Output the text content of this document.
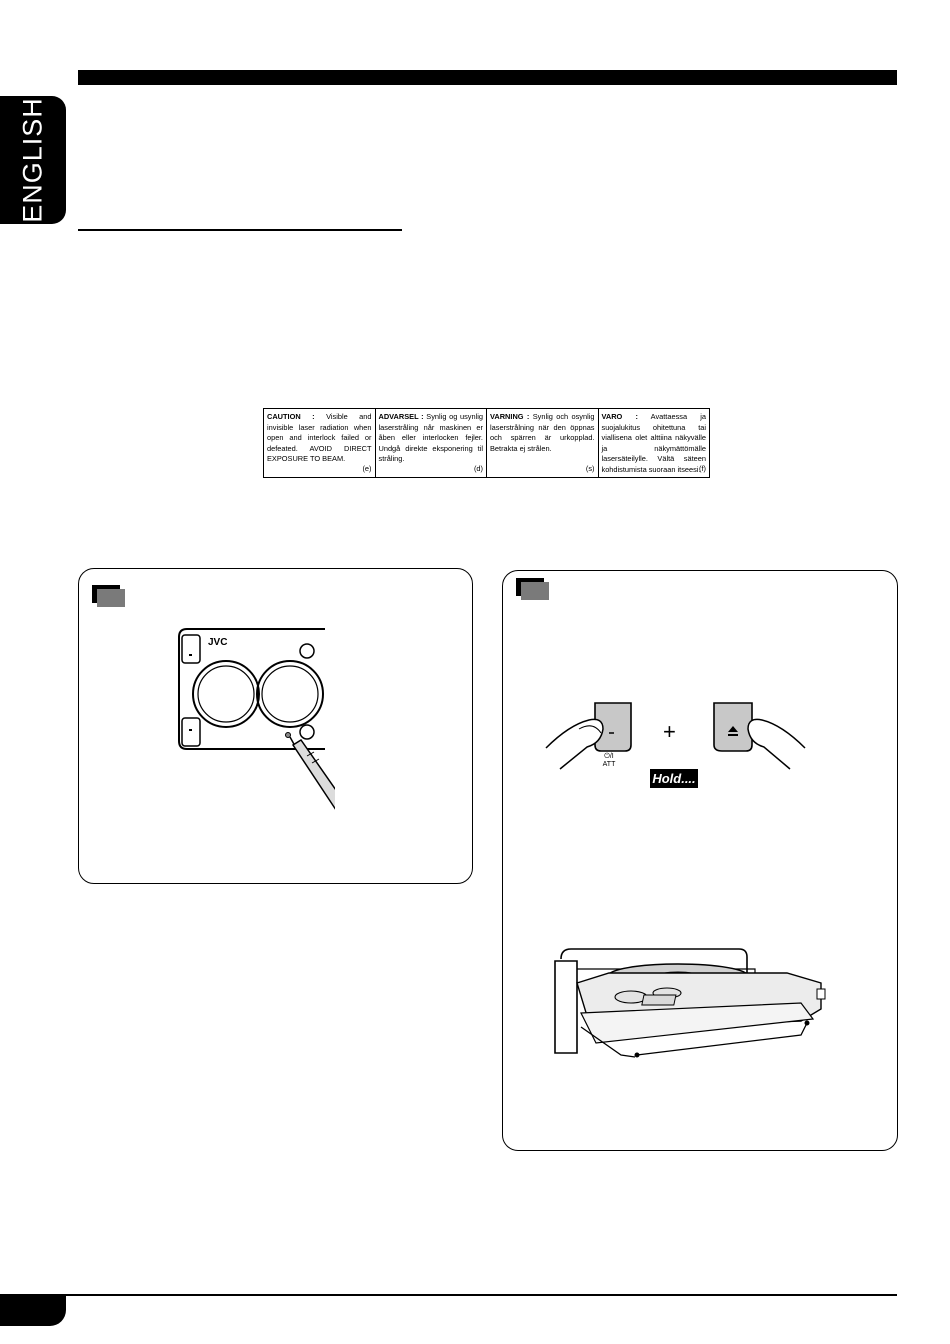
ENGLISH
CAUTION : Visible and invisible laser radiation when open and interlock failed or defeated. AVOID DIRECT EXPOSURE TO BEAM.
(e)
ADVARSEL : Synlig og usynlig laserstråling når maskinen er åben eller interlocken fejler. Undgå direkte eksponering til stråling.
(d)
VARNING : Synlig och osynlig laserstrålning när den öppnas och spärren är urkopplad. Betrakta ej strålen.
(s)
VARO : Avattaessa ja suojalukitus ohitettuna tai viallisena olet alttiina näkyvälle ja näkymättömälle lasersäteilylle. Vältä säteen kohdistumista suoraan itseesi.
(f)
JVC
⏻/I
ATT
+
Hold....
